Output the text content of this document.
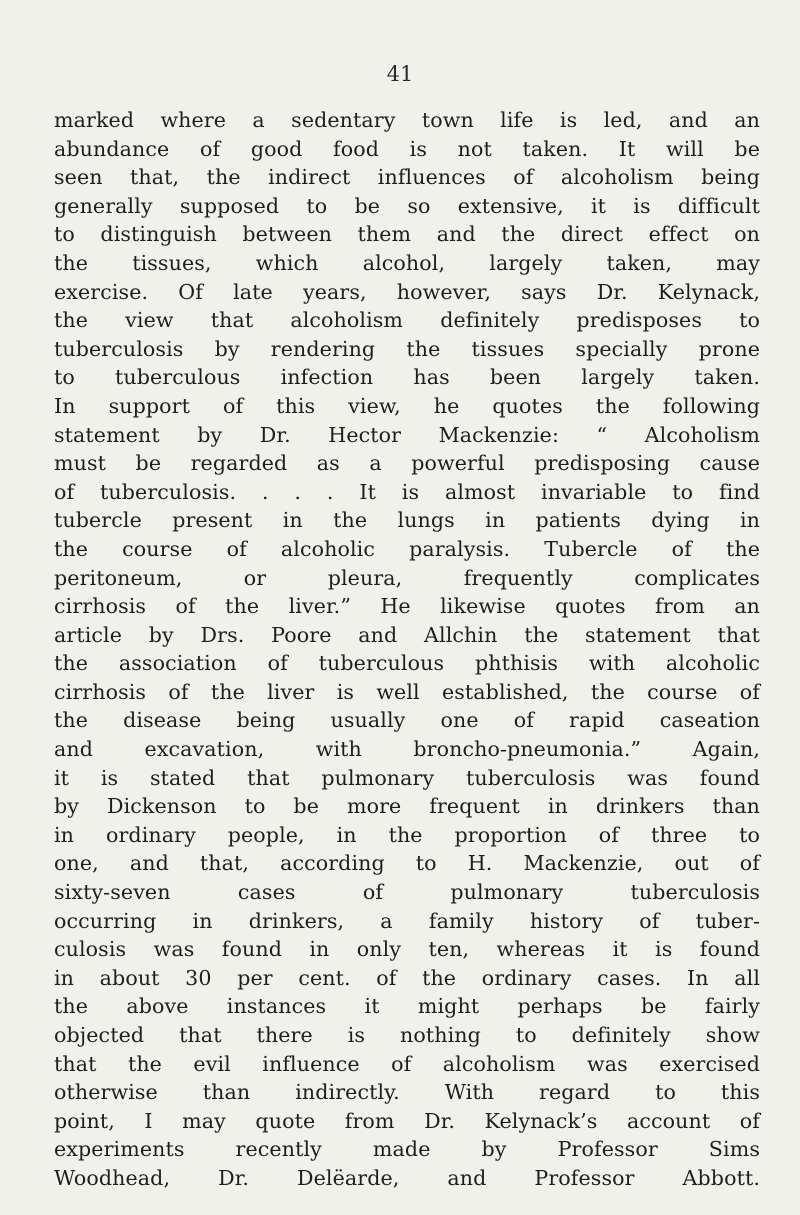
41
marked where a sedentary town life is led, and an
abundance of good food is not taken. It will be
seen that, the indirect influences of alcoholism being
generally supposed to be so extensive, it is difficult
to distinguish between them and the direct effect on
the tissues, which alcohol, largely taken, may
exercise. Of late years, however, says Dr. Kelynack,
the view that alcoholism definitely predisposes to
tuberculosis by rendering the tissues specially prone
to tuberculous infection has been largely taken.
In support of this view, he quotes the following
statement by Dr. Hector Mackenzie: “ Alcoholism
must be regarded as a powerful predisposing cause
of tuberculosis. . . . It is almost invariable to find
tubercle present in the lungs in patients dying in
the course of alcoholic paralysis. Tubercle of the
peritoneum, or pleura, frequently complicates
cirrhosis of the liver.” He likewise quotes from an
article by Drs. Poore and Allchin the statement that
the association of tuberculous phthisis with alcoholic
cirrhosis of the liver is well established, the course of
the disease being usually one of rapid caseation
and excavation, with broncho-pneumonia.” Again,
it is stated that pulmonary tuberculosis was found
by Dickenson to be more frequent in drinkers than
in ordinary people, in the proportion of three to
one, and that, according to H. Mackenzie, out of
sixty-seven cases of pulmonary tuberculosis
occurring in drinkers, a family history of tuber-
culosis was found in only ten, whereas it is found
in about 30 per cent. of the ordinary cases. In all
the above instances it might perhaps be fairly
objected that there is nothing to definitely show
that the evil influence of alcoholism was exercised
otherwise than indirectly. With regard to this
point, I may quote from Dr. Kelynack’s account of
experiments recently made by Professor Sims
Woodhead, Dr. Delëarde, and Professor Abbott.
